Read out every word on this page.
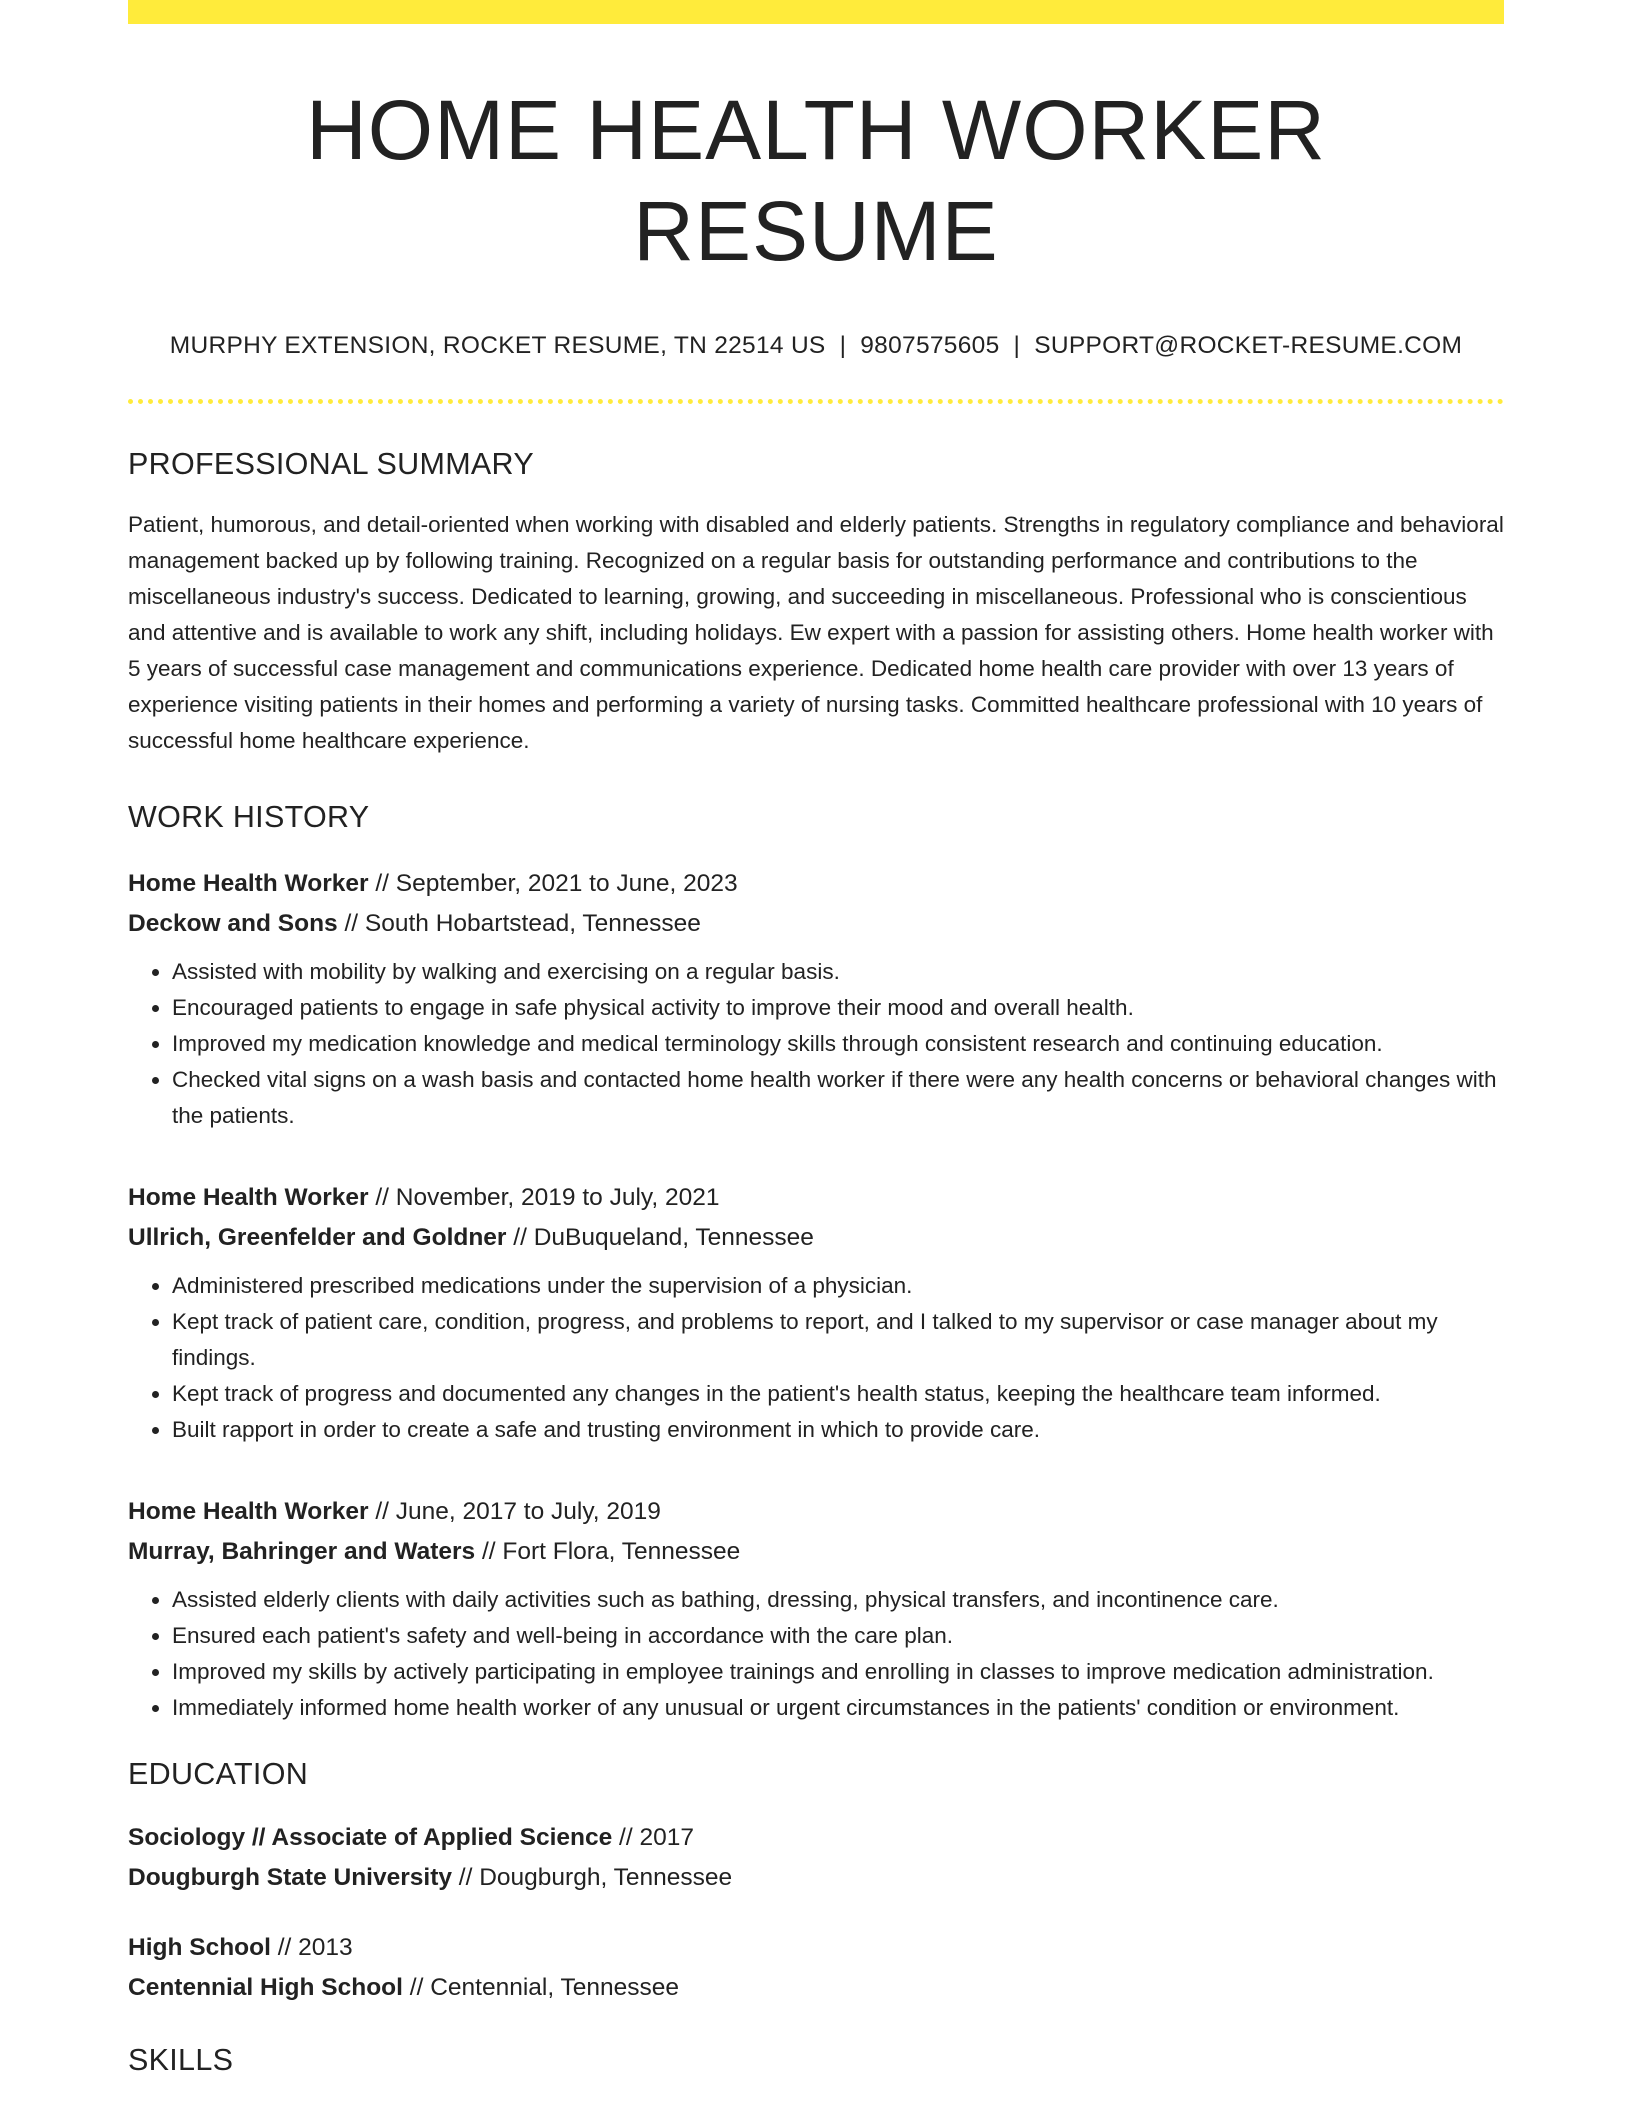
HOME HEALTH WORKER RESUME
MURPHY EXTENSION, ROCKET RESUME, TN 22514 US | 9807575605 | SUPPORT@ROCKET-RESUME.COM
PROFESSIONAL SUMMARY
Patient, humorous, and detail-oriented when working with disabled and elderly patients. Strengths in regulatory compliance and behavioral management backed up by following training. Recognized on a regular basis for outstanding performance and contributions to the miscellaneous industry's success. Dedicated to learning, growing, and succeeding in miscellaneous. Professional who is conscientious and attentive and is available to work any shift, including holidays. Ew expert with a passion for assisting others. Home health worker with 5 years of successful case management and communications experience. Dedicated home health care provider with over 13 years of experience visiting patients in their homes and performing a variety of nursing tasks. Committed healthcare professional with 10 years of successful home healthcare experience.
WORK HISTORY
Home Health Worker // September, 2021 to June, 2023
Deckow and Sons // South Hobartstead, Tennessee
• Assisted with mobility by walking and exercising on a regular basis.
• Encouraged patients to engage in safe physical activity to improve their mood and overall health.
• Improved my medication knowledge and medical terminology skills through consistent research and continuing education.
• Checked vital signs on a wash basis and contacted home health worker if there were any health concerns or behavioral changes with the patients.
Home Health Worker // November, 2019 to July, 2021
Ullrich, Greenfelder and Goldner // DuBuqueland, Tennessee
• Administered prescribed medications under the supervision of a physician.
• Kept track of patient care, condition, progress, and problems to report, and I talked to my supervisor or case manager about my findings.
• Kept track of progress and documented any changes in the patient's health status, keeping the healthcare team informed.
• Built rapport in order to create a safe and trusting environment in which to provide care.
Home Health Worker // June, 2017 to July, 2019
Murray, Bahringer and Waters // Fort Flora, Tennessee
• Assisted elderly clients with daily activities such as bathing, dressing, physical transfers, and incontinence care.
• Ensured each patient's safety and well-being in accordance with the care plan.
• Improved my skills by actively participating in employee trainings and enrolling in classes to improve medication administration.
• Immediately informed home health worker of any unusual or urgent circumstances in the patients' condition or environment.
EDUCATION
Sociology // Associate of Applied Science // 2017
Dougburgh State University // Dougburgh, Tennessee
High School // 2013
Centennial High School // Centennial, Tennessee
SKILLS
